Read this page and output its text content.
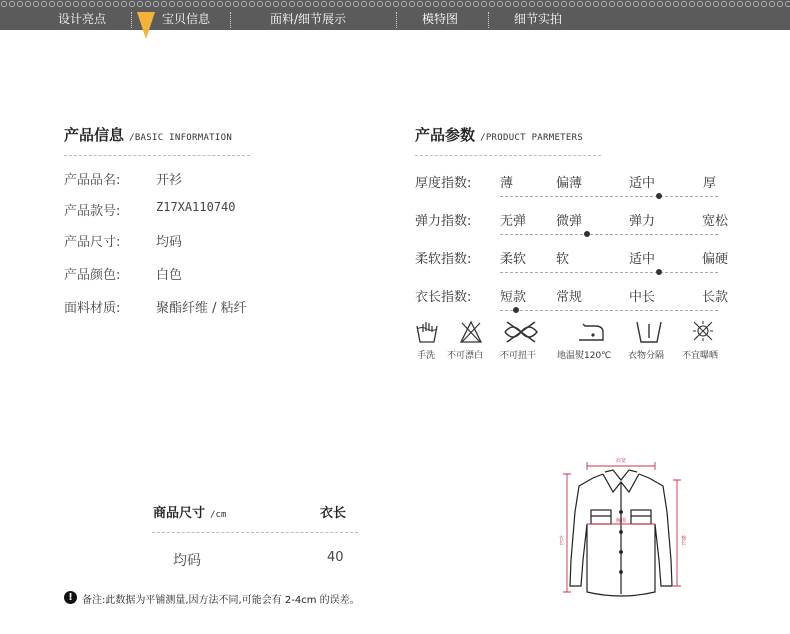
设计亮点	宝贝信息	面料/细节展示	模特图	细节实拍
产品信息 /BASIC INFORMATION
产品品名:	开衫
产品款号:	Z17XA110740
产品尺寸:	均码
产品颜色:	白色
面料材质:	聚酯纤维 / 粘纤
产品参数 /PRODUCT PARMETERS
厚度指数: 薄	偏薄	适中	厚
弹力指数: 无弹 微弹	弹力	宽松
柔软指数: 柔软 软	适中	偏硬
衣长指数: 短款 常规	中长	长款
手洗 不可漂白 不可扭干 地温熨120℃ 衣物分隔 不宜曝晒
商品尺寸 /cm	衣长
均码	40
! 备注:此数据为平铺测量,因方法不同,可能会有 2-4cm 的误差。
肩宽
胸围
衣长	袖长
